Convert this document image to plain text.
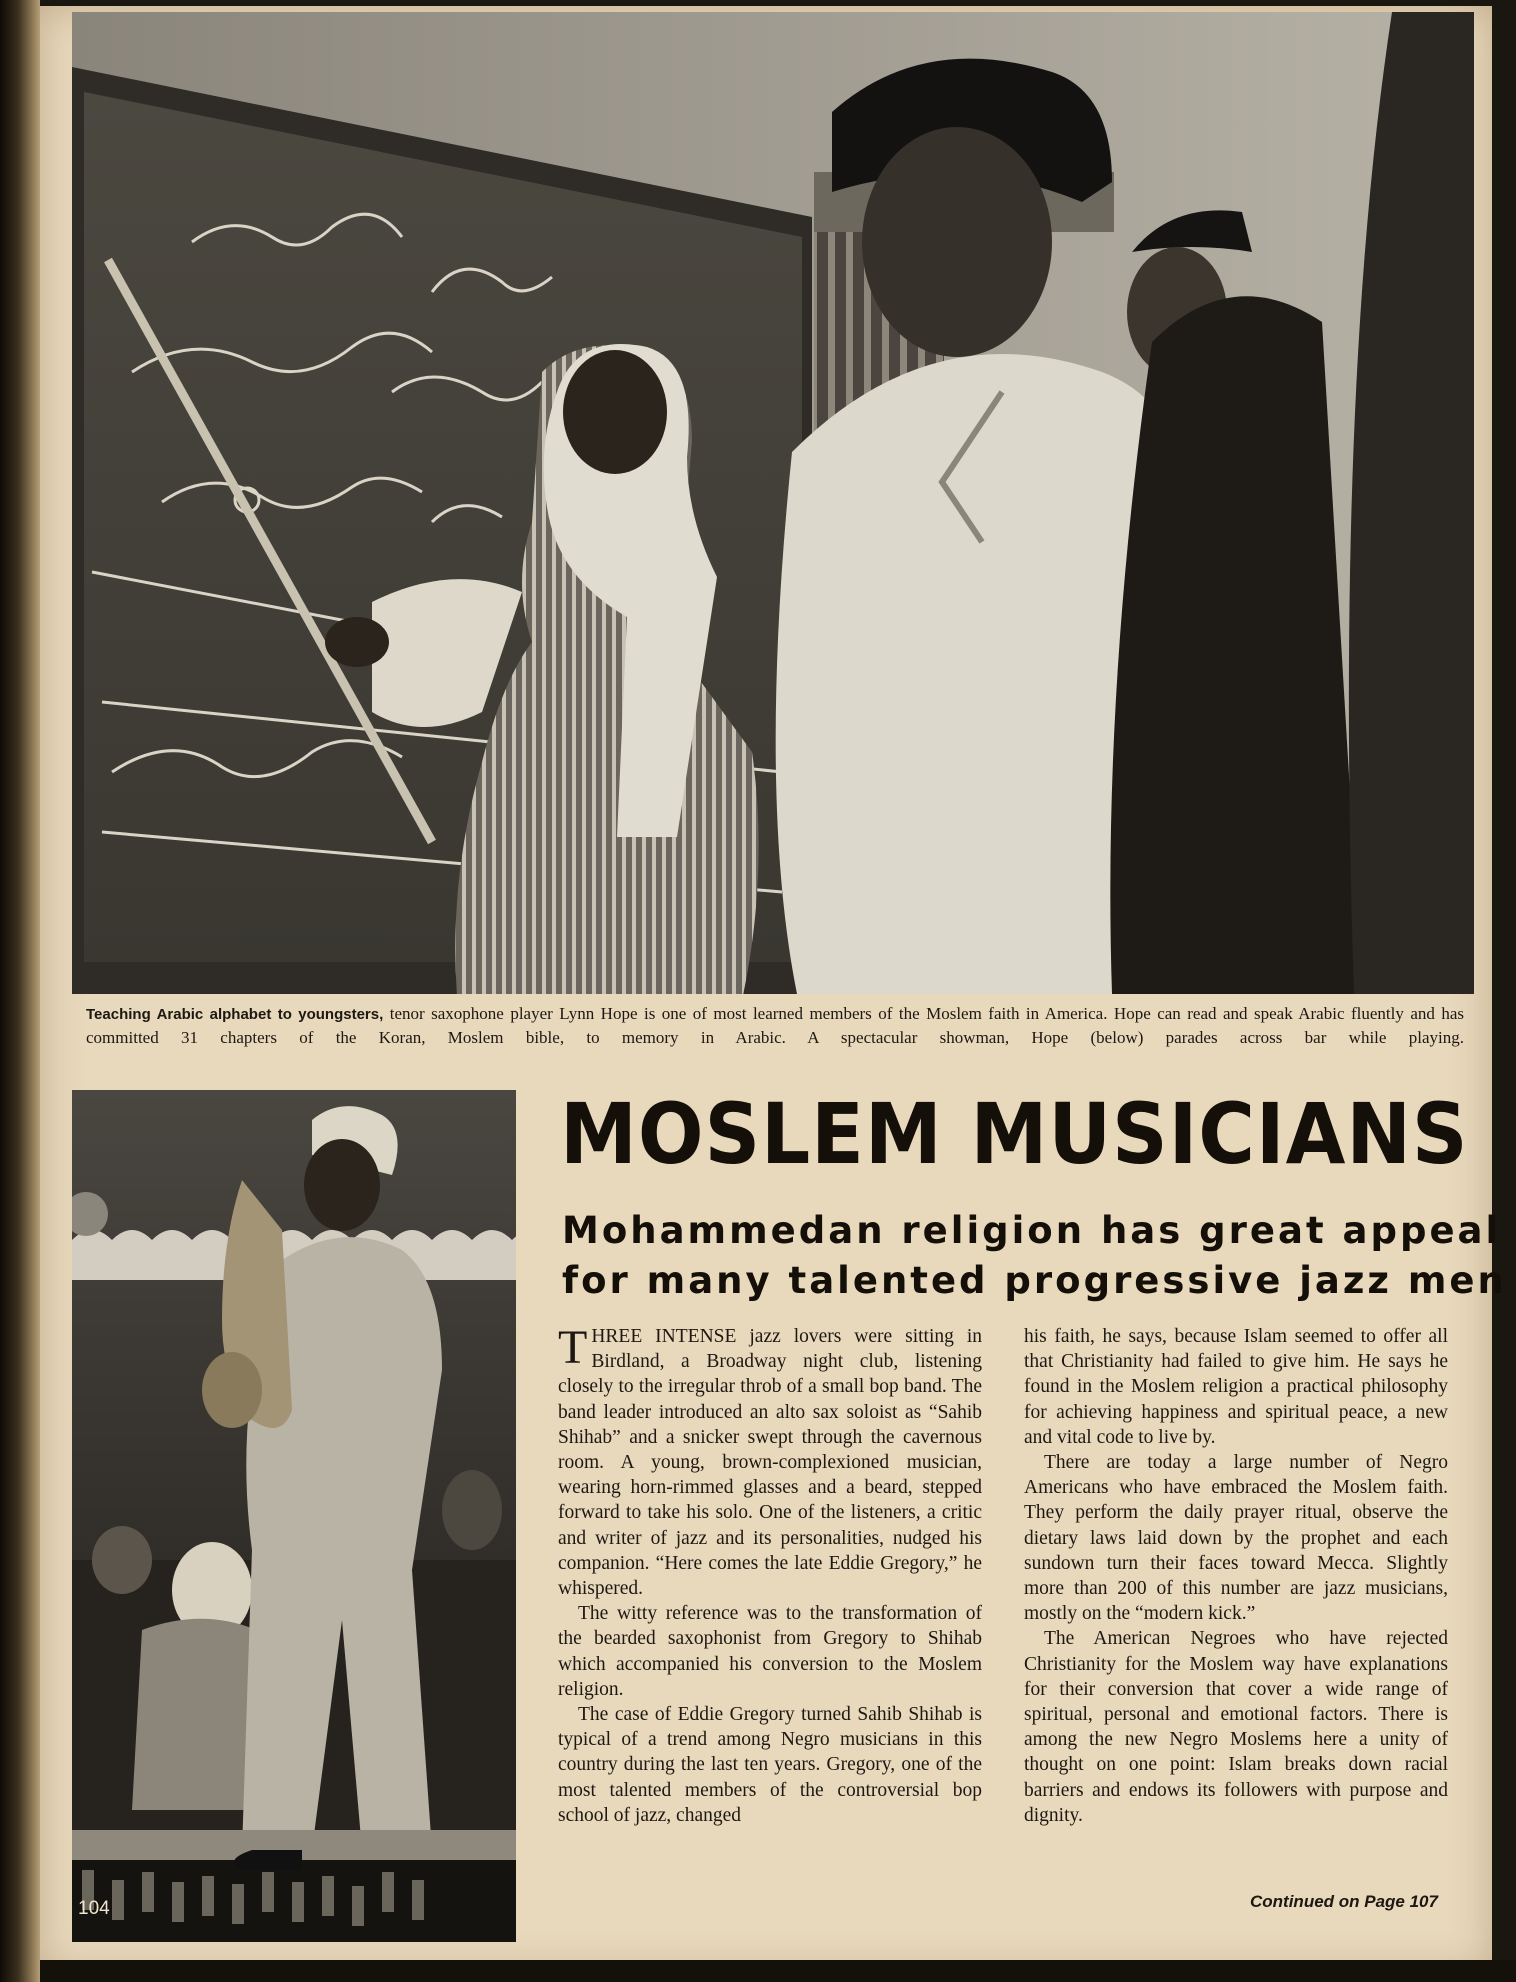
Teaching Arabic alphabet to youngsters, tenor saxophone player Lynn Hope is one of most learned members of the Moslem faith in America. Hope can read and speak Arabic fluently and has committed 31 chapters of the Koran, Moslem bible, to memory in Arabic. A spectacular showman, Hope (below) parades across bar while playing.
104
MOSLEM MUSICIANS
Mohammedan religion has great appeal
for many talented progressive jazz men

THREE INTENSE jazz lovers were sitting in Birdland, a Broadway night club, listening closely to the irregular throb of a small bop band. The band leader introduced an alto sax soloist as “Sahib Shihab” and a snicker swept through the cavernous room. A young, brown-complexioned musician, wearing horn-rimmed glasses and a beard, stepped forward to take his solo. One of the listeners, a critic and writer of jazz and its personalities, nudged his companion. “Here comes the late Eddie Gregory,” he whispered.

The witty reference was to the transformation of the bearded saxophonist from Gregory to Shihab which accompanied his conversion to the Moslem religion.

The case of Eddie Gregory turned Sahib Shihab is typical of a trend among Negro musicians in this country during the last ten years. Gregory, one of the most talented members of the controversial bop school of jazz, changed

his faith, he says, because Islam seemed to offer all that Christianity had failed to give him. He says he found in the Moslem religion a practical philosophy for achieving happiness and spiritual peace, a new and vital code to live by.

There are today a large number of Negro Americans who have embraced the Moslem faith. They perform the daily prayer ritual, observe the dietary laws laid down by the prophet and each sundown turn their faces toward Mecca. Slightly more than 200 of this number are jazz musicians, mostly on the “modern kick.”

The American Negroes who have rejected Christianity for the Moslem way have explanations for their conversion that cover a wide range of spiritual, personal and emotional factors. There is among the new Negro Moslems here a unity of thought on one point: Islam breaks down racial barriers and endows its followers with purpose and dignity.

Continued on Page 107
